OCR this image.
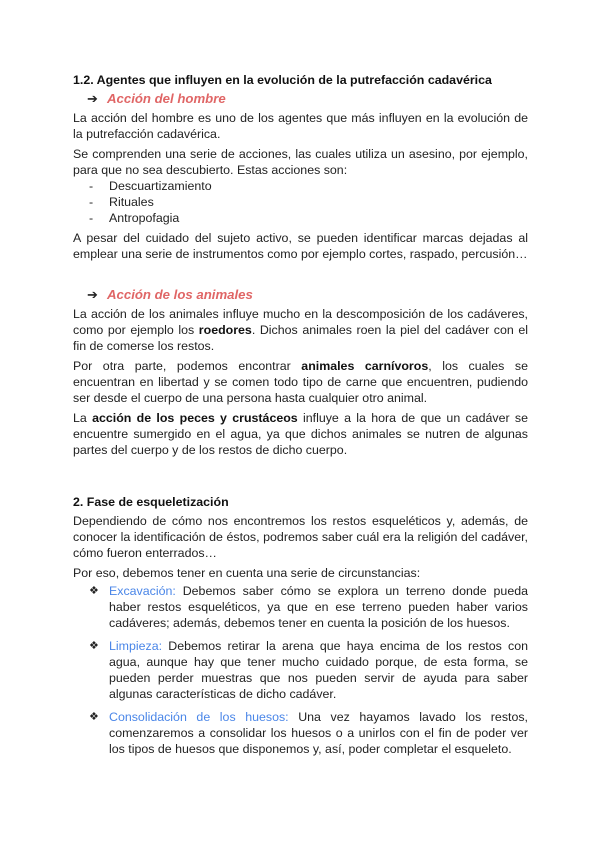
1.2. Agentes que influyen en la evolución de la putrefacción cadavérica
➔ Acción del hombre

La acción del hombre es uno de los agentes que más influyen en la evolución de la putrefacción cadavérica.

Se comprenden una serie de acciones, las cuales utiliza un asesino, por ejemplo, para que no sea descubierto. Estas acciones son:

- Descuartizamiento
- Rituales
- Antropofagia

A pesar del cuidado del sujeto activo, se pueden identificar marcas dejadas al emplear una serie de instrumentos como por ejemplo cortes, raspado, percusión…

➔ Acción de los animales

La acción de los animales influye mucho en la descomposición de los cadáveres, como por ejemplo los roedores. Dichos animales roen la piel del cadáver con el fin de comerse los restos.

Por otra parte, podemos encontrar animales carnívoros, los cuales se encuentran en libertad y se comen todo tipo de carne que encuentren, pudiendo ser desde el cuerpo de una persona hasta cualquier otro animal.

La acción de los peces y crustáceos influye a la hora de que un cadáver se encuentre sumergido en el agua, ya que dichos animales se nutren de algunas partes del cuerpo y de los restos de dicho cuerpo.

2. Fase de esqueletización

Dependiendo de cómo nos encontremos los restos esqueléticos y, además, de conocer la identificación de éstos, podremos saber cuál era la religión del cadáver, cómo fueron enterrados…

Por eso, debemos tener en cuenta una serie de circunstancias:

❖ Excavación: Debemos saber cómo se explora un terreno donde pueda haber restos esqueléticos, ya que en ese terreno pueden haber varios cadáveres; además, debemos tener en cuenta la posición de los huesos.
❖ Limpieza: Debemos retirar la arena que haya encima de los restos con agua, aunque hay que tener mucho cuidado porque, de esta forma, se pueden perder muestras que nos pueden servir de ayuda para saber algunas características de dicho cadáver.
❖ Consolidación de los huesos: Una vez hayamos lavado los restos, comenzaremos a consolidar los huesos o a unirlos con el fin de poder ver los tipos de huesos que disponemos y, así, poder completar el esqueleto.
